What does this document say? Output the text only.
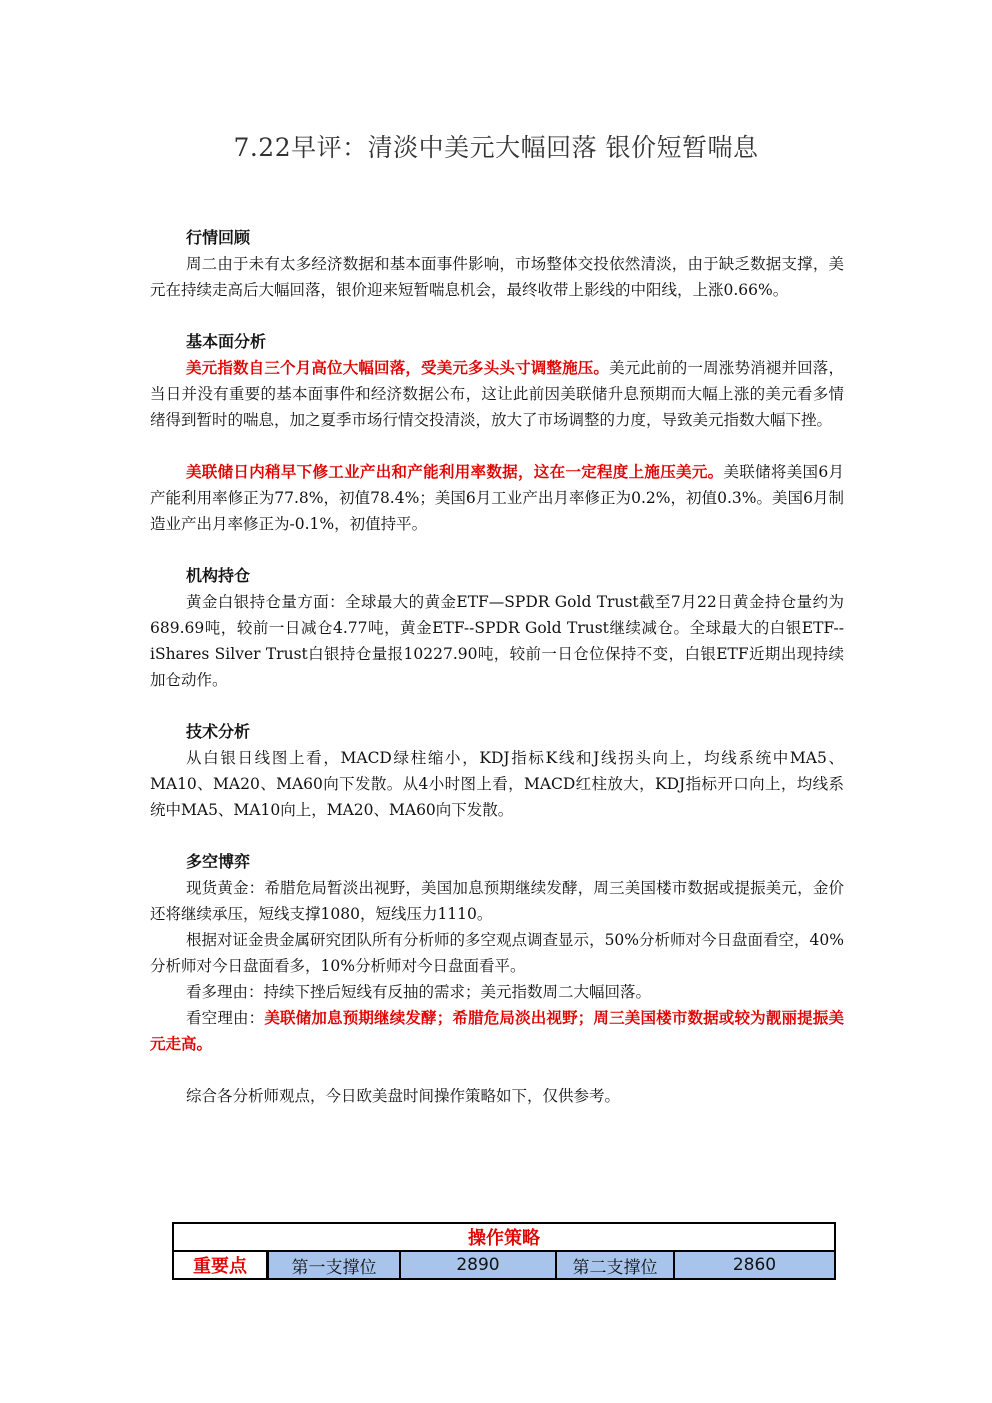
7.22早评：清淡中美元大幅回落 银价短暂喘息
行情回顾

周二由于未有太多经济数据和基本面事件影响，市场整体交投依然清淡，由于缺乏数据支撑，美元在持续走高后大幅回落，银价迎来短暂喘息机会，最终收带上影线的中阳线，上涨0.66%。

基本面分析

美元指数自三个月高位大幅回落，受美元多头头寸调整施压。美元此前的一周涨势消褪并回落，当日并没有重要的基本面事件和经济数据公布，这让此前因美联储升息预期而大幅上涨的美元看多情绪得到暂时的喘息，加之夏季市场行情交投清淡，放大了市场调整的力度，导致美元指数大幅下挫。

美联储日内稍早下修工业产出和产能利用率数据，这在一定程度上施压美元。美联储将美国6月产能利用率修正为77.8%，初值78.4%；美国6月工业产出月率修正为0.2%，初值0.3%。美国6月制造业产出月率修正为-0.1%，初值持平。

机构持仓

黄金白银持仓量方面：全球最大的黄金ETF—SPDR Gold Trust截至7月22日黄金持仓量约为689.69吨，较前一日减仓4.77吨，黄金ETF--SPDR Gold Trust继续减仓。全球最大的白银ETF--iShares Silver Trust白银持仓量报10227.90吨，较前一日仓位保持不变，白银ETF近期出现持续加仓动作。

技术分析

从白银日线图上看，MACD绿柱缩小，KDJ指标K线和J线拐头向上，均线系统中MA5、MA10、MA20、MA60向下发散。从4小时图上看，MACD红柱放大，KDJ指标开口向上，均线系统中MA5、MA10向上，MA20、MA60向下发散。

多空博弈

现货黄金：希腊危局暂淡出视野，美国加息预期继续发酵，周三美国楼市数据或提振美元，金价还将继续承压，短线支撑1080，短线压力1110。

根据对证金贵金属研究团队所有分析师的多空观点调查显示，50%分析师对今日盘面看空，40%分析师对今日盘面看多，10%分析师对今日盘面看平。

看多理由：持续下挫后短线有反抽的需求；美元指数周二大幅回落。

看空理由：美联储加息预期继续发酵；希腊危局淡出视野；周三美国楼市数据或较为靓丽提振美元走高。

综合各分析师观点，今日欧美盘时间操作策略如下，仅供参考。

操作策略
重要点	第一支撑位	2890	第二支撑位	2860
